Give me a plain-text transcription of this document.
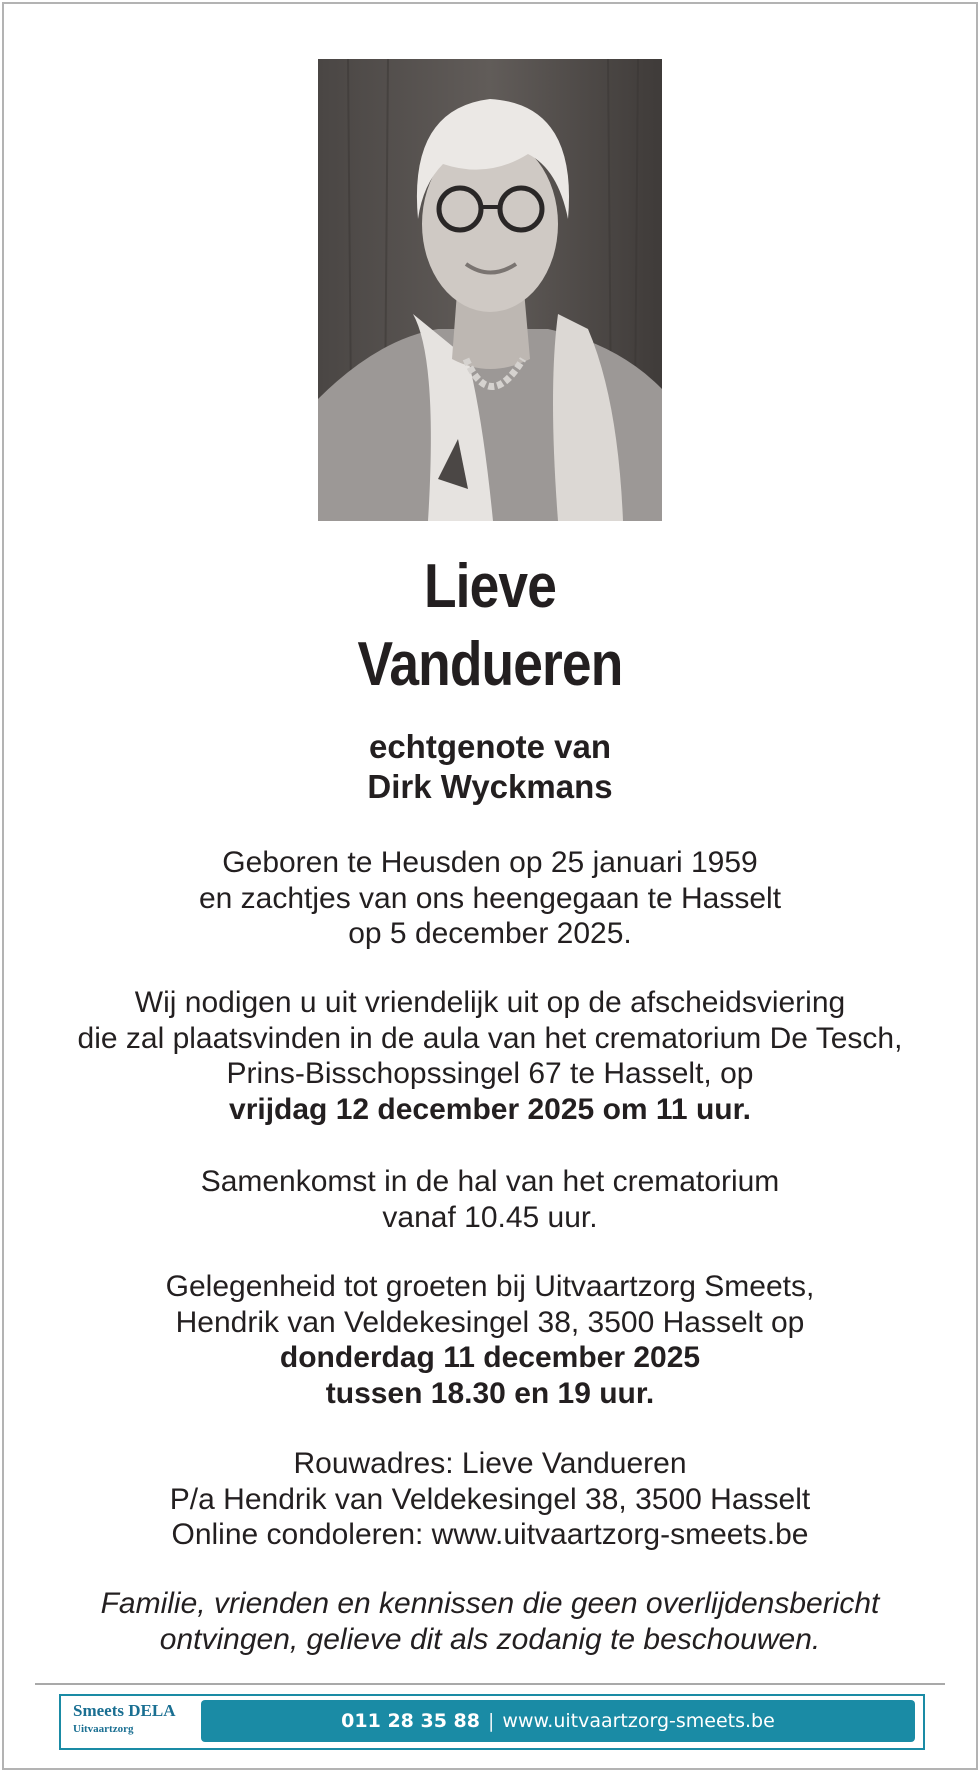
Lieve
Vandueren
echtgenote van
Dirk Wyckmans
Geboren te Heusden op 25 januari 1959
en zachtjes van ons heengegaan te Hasselt
op 5 december 2025.
Wij nodigen u uit vriendelijk uit op de afscheidsviering
die zal plaatsvinden in de aula van het crematorium De Tesch,
Prins-Bisschopssingel 67 te Hasselt, op
vrijdag 12 december 2025 om 11 uur.
Samenkomst in de hal van het crematorium
vanaf 10.45 uur.
Gelegenheid tot groeten bij Uitvaartzorg Smeets,
Hendrik van Veldekesingel 38, 3500 Hasselt op
donderdag 11 december 2025
tussen 18.30 en 19 uur.
Rouwadres: Lieve Vandueren
P/a Hendrik van Veldekesingel 38, 3500 Hasselt
Online condoleren: www.uitvaartzorg-smeets.be
Familie, vrienden en kennissen die geen overlijdensbericht
ontvingen, gelieve dit als zodanig te beschouwen.
Smeets DELA
Uitvaartzorg	011 28 35 88 | www.uitvaartzorg-smeets.be
